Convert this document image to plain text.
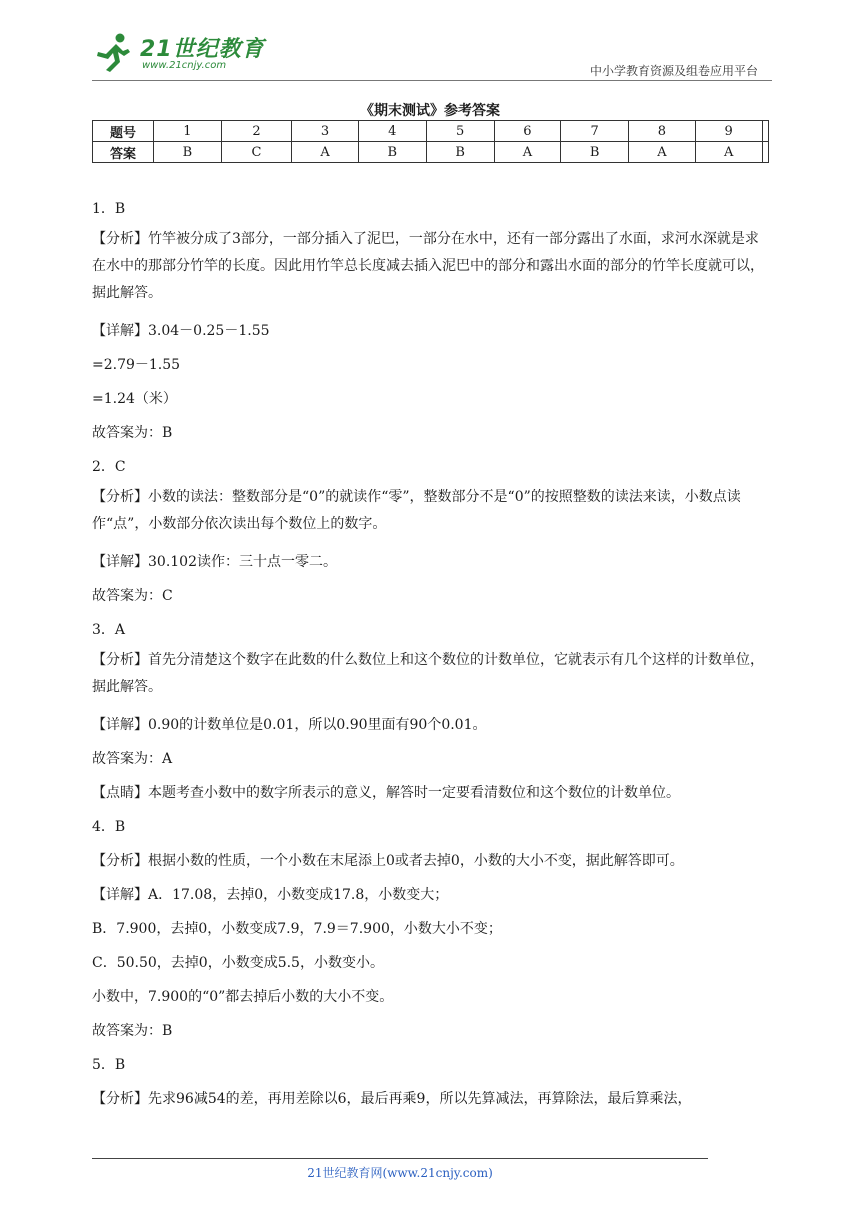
21世纪教育
www.21cnjy.com	中小学教育资源及组卷应用平台
《期末测试》参考答案
题号	1	2	3	4	5	6	7	8	9	
答案	B	C	A	B	B	A	B	A	A	

1．B

【分析】竹竿被分成了3部分，一部分插入了泥巴，一部分在水中，还有一部分露出了水面，求河水深就是求在水中的那部分竹竿的长度。因此用竹竿总长度减去插入泥巴中的部分和露出水面的部分的竹竿长度就可以，据此解答。

【详解】3.04－0.25－1.55

=2.79－1.55

=1.24（米）

故答案为：B

2．C

【分析】小数的读法：整数部分是“0”的就读作“零”，整数部分不是“0”的按照整数的读法来读，小数点读作“点”，小数部分依次读出每个数位上的数字。

【详解】30.102读作：三十点一零二。

故答案为：C

3．A

【分析】首先分清楚这个数字在此数的什么数位上和这个数位的计数单位，它就表示有几个这样的计数单位，据此解答。

【详解】0.90的计数单位是0.01，所以0.90里面有90个0.01。

故答案为：A

【点睛】本题考查小数中的数字所表示的意义，解答时一定要看清数位和这个数位的计数单位。

4．B

【分析】根据小数的性质，一个小数在末尾添上0或者去掉0，小数的大小不变，据此解答即可。

【详解】A．17.08，去掉0，小数变成17.8，小数变大；

B．7.900，去掉0，小数变成7.9，7.9＝7.900，小数大小不变；

C．50.50，去掉0，小数变成5.5，小数变小。

小数中，7.900的“0”都去掉后小数的大小不变。

故答案为：B

5．B

【分析】先求96减54的差，再用差除以6，最后再乘9，所以先算减法，再算除法，最后算乘法，

21世纪教育网(www.21cnjy.com)
